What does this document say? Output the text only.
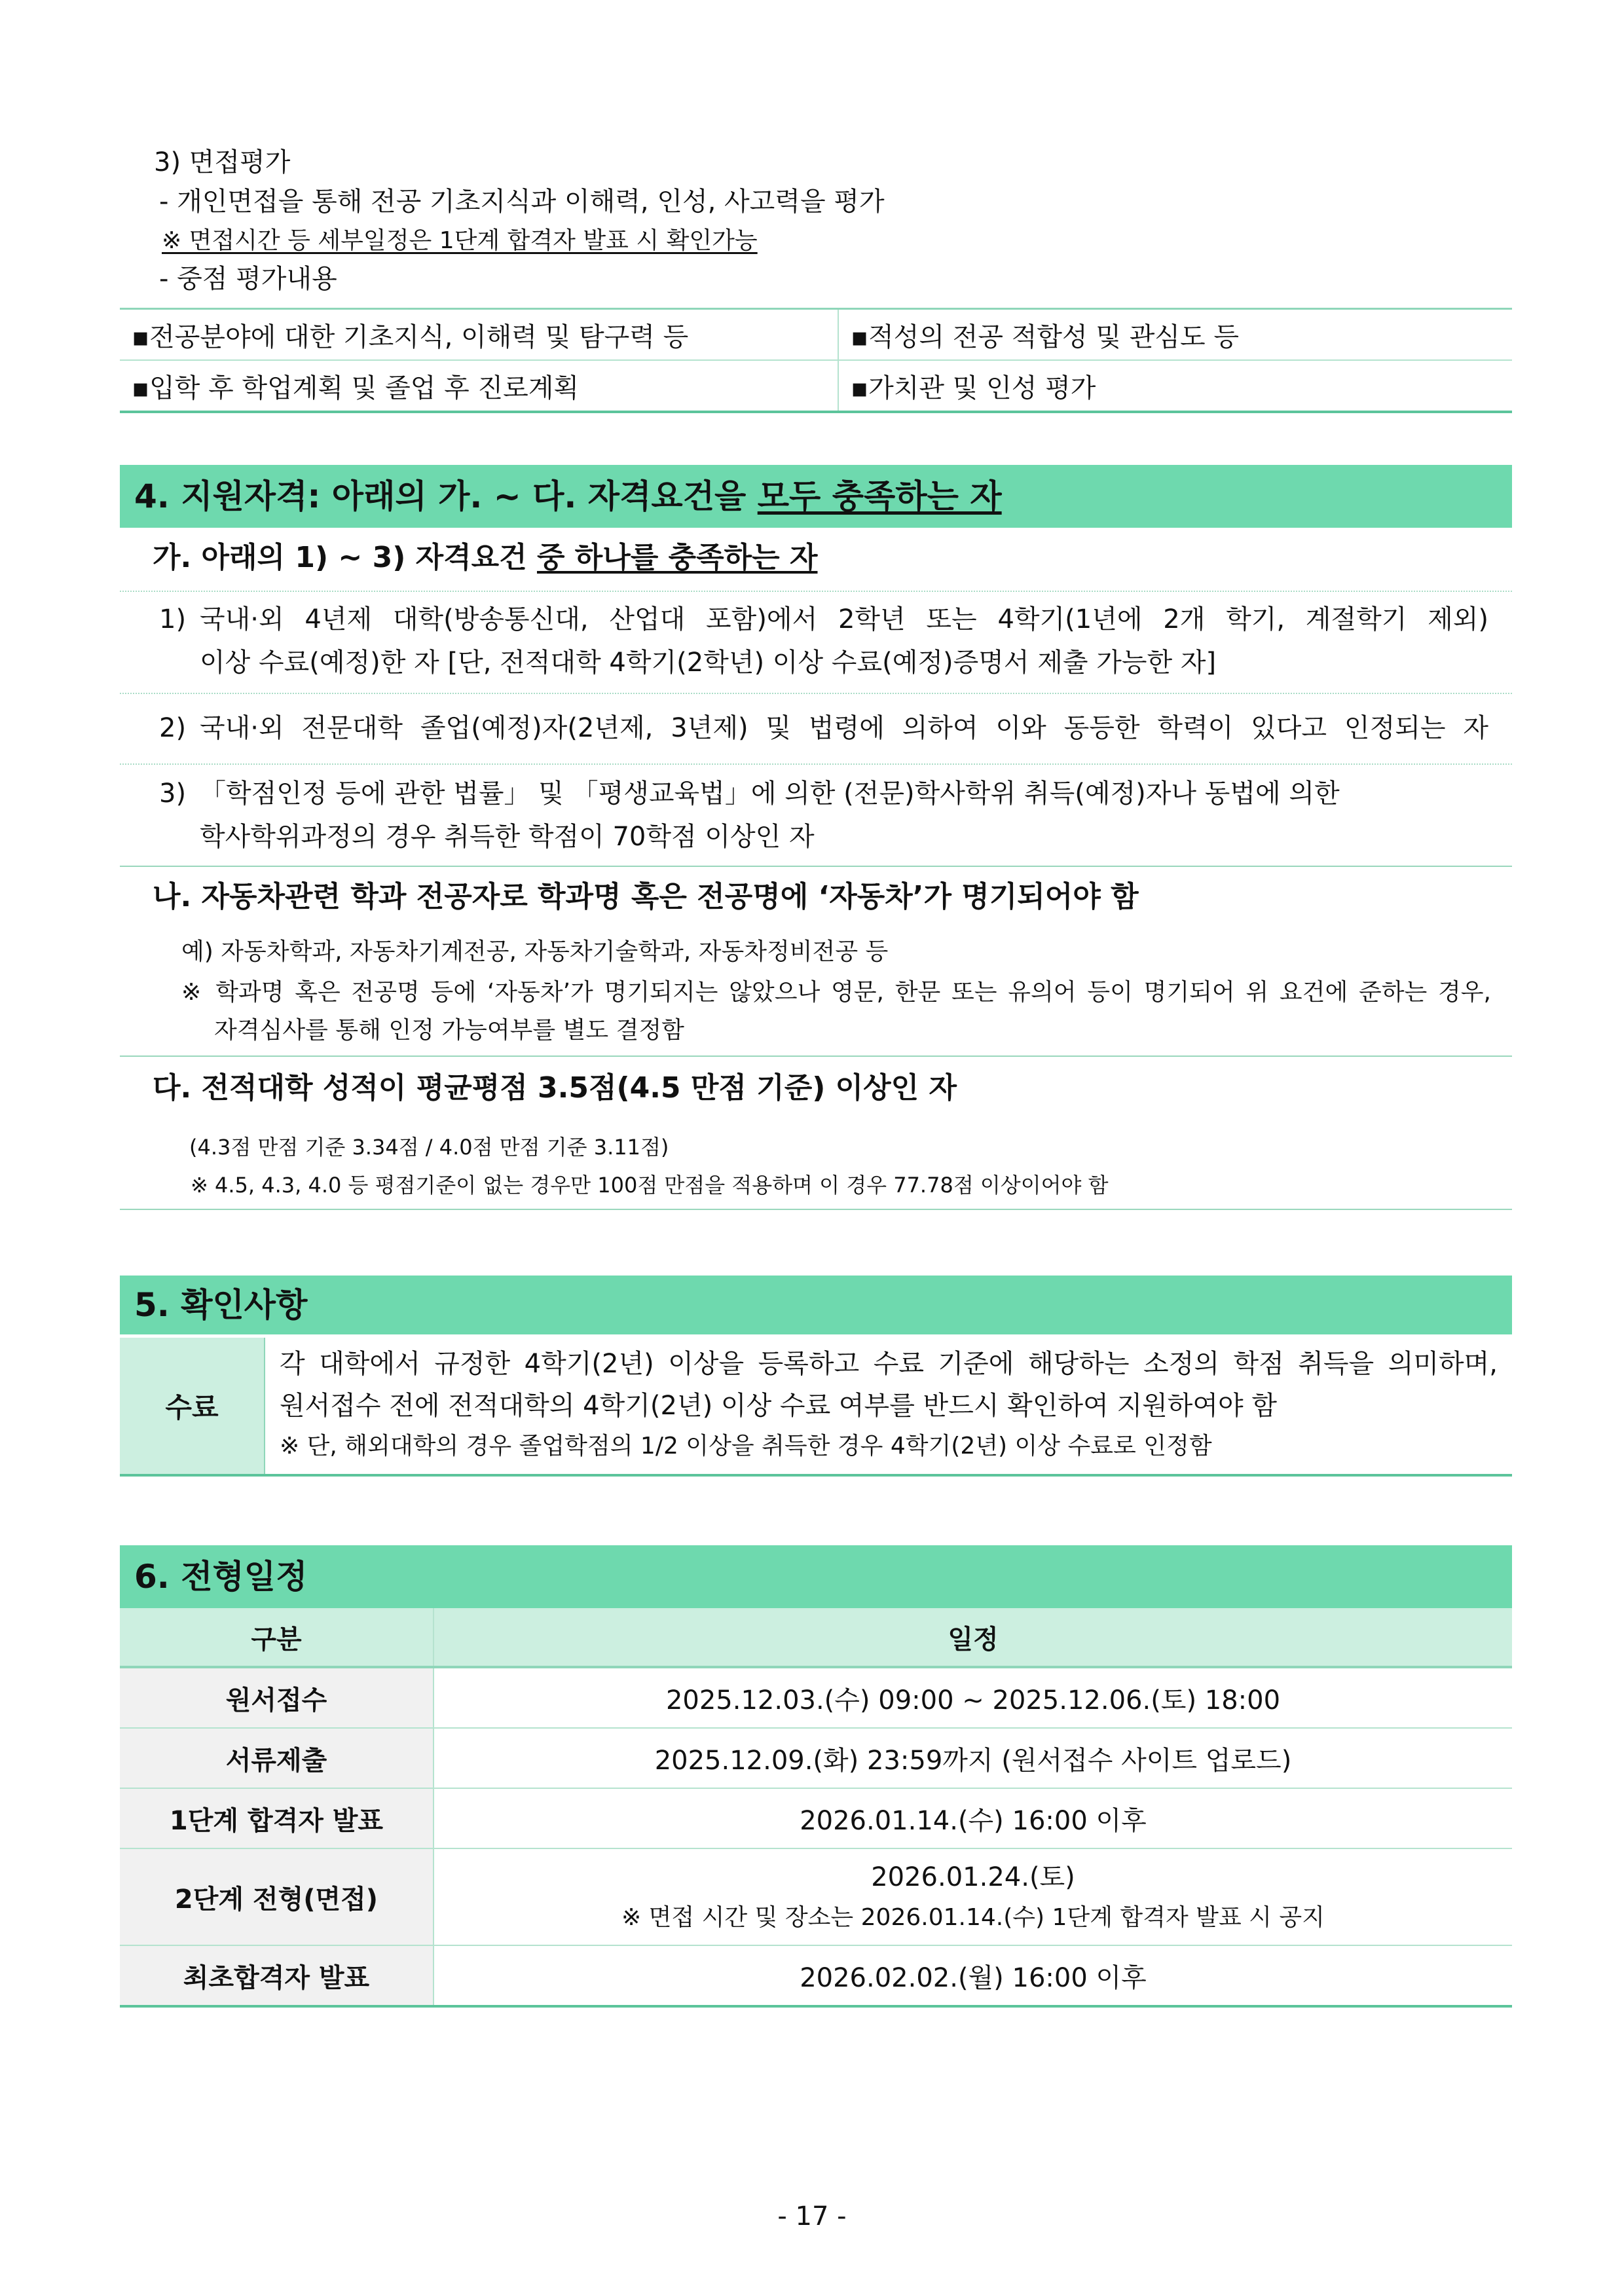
3) 면접평가
- 개인면접을 통해 전공 기초지식과 이해력, 인성, 사고력을 평가
※ 면접시간 등 세부일정은 1단계 합격자 발표 시 확인가능
- 중점 평가내용
▪전공분야에 대한 기초지식, 이해력 및 탐구력 등	▪적성의 전공 적합성 및 관심도 등
▪입학 후 학업계획 및 졸업 후 진로계획	▪가치관 및 인성 평가
4. 지원자격: 아래의 가. ~ 다. 자격요건을 모두 충족하는 자
가. 아래의 1) ~ 3) 자격요건 중 하나를 충족하는 자
1) 국내·외 4년제 대학(방송통신대, 산업대 포함)에서 2학년 또는 4학기(1년에 2개 학기, 계절학기 제외)
이상 수료(예정)한 자 [단, 전적대학 4학기(2학년) 이상 수료(예정)증명서 제출 가능한 자]
2) 국내·외 전문대학 졸업(예정)자(2년제, 3년제) 및 법령에 의하여 이와 동등한 학력이 있다고 인정되는 자
3) 「학점인정 등에 관한 법률」 및 「평생교육법」에 의한 (전문)학사학위 취득(예정)자나 동법에 의한
학사학위과정의 경우 취득한 학점이 70학점 이상인 자
나. 자동차관련 학과 전공자로 학과명 혹은 전공명에 ‘자동차’가 명기되어야 함
예) 자동차학과, 자동차기계전공, 자동차기술학과, 자동차정비전공 등
※ 학과명 혹은 전공명 등에 ‘자동차’가 명기되지는 않았으나 영문, 한문 또는 유의어 등이 명기되어 위 요건에 준하는 경우,
자격심사를 통해 인정 가능여부를 별도 결정함
다. 전적대학 성적이 평균평점 3.5점(4.5 만점 기준) 이상인 자
(4.3점 만점 기준 3.34점 / 4.0점 만점 기준 3.11점)
※ 4.5, 4.3, 4.0 등 평점기준이 없는 경우만 100점 만점을 적용하며 이 경우 77.78점 이상이어야 함
5. 확인사항
수료	
각 대학에서 규정한 4학기(2년) 이상을 등록하고 수료 기준에 해당하는 소정의 학점 취득을 의미하며,
원서접수 전에 전적대학의 4학기(2년) 이상 수료 여부를 반드시 확인하여 지원하여야 함
※ 단, 해외대학의 경우 졸업학점의 1/2 이상을 취득한 경우 4학기(2년) 이상 수료로 인정함
6. 전형일정
구분	일정
원서접수	2025.12.03.(수) 09:00 ~ 2025.12.06.(토) 18:00
서류제출	2025.12.09.(화) 23:59까지 (원서접수 사이트 업로드)
1단계 합격자 발표	2026.01.14.(수) 16:00 이후
2단계 전형(면접)	2026.01.24.(토)
※ 면접 시간 및 장소는 2026.01.14.(수) 1단계 합격자 발표 시 공지

최초합격자 발표	2026.02.02.(월) 16:00 이후
- 17 -
